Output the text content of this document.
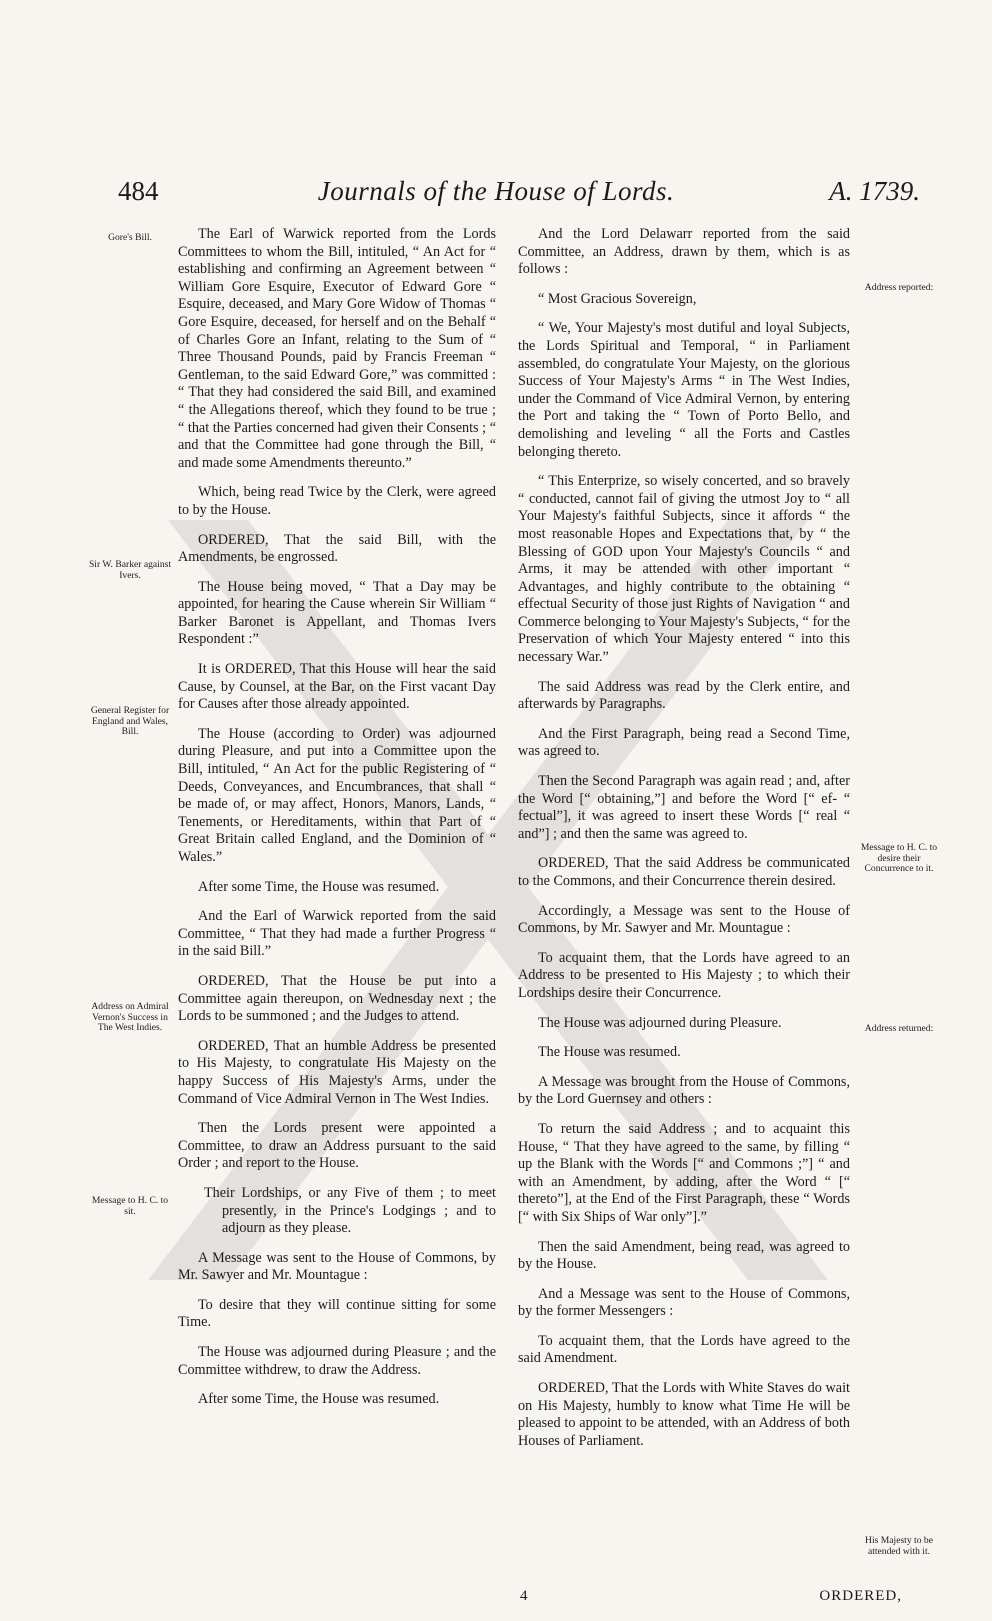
484	Journals of the House of Lords.	A. 1739.
Gore's Bill.
Sir W. Barker against Ivers.
General Register for England and Wales, Bill.
Address on Admiral Vernon's Success in The West Indies.
Message to H. C. to sit.
Address reported:
Message to H. C. to desire their Concurrence to it.
Address returned:
His Majesty to be attended with it.

The Earl of Warwick reported from the Lords Committees to whom the Bill, intituled, “ An Act for “ establishing and confirming an Agreement between “ William Gore Esquire, Executor of Edward Gore “ Esquire, deceased, and Mary Gore Widow of Thomas “ Gore Esquire, deceased, for herself and on the Behalf “ of Charles Gore an Infant, relating to the Sum of “ Three Thousand Pounds, paid by Francis Freeman “ Gentleman, to the said Edward Gore,” was committed : “ That they had considered the said Bill, and examined “ the Allegations thereof, which they found to be true ; “ that the Parties concerned had given their Consents ; “ and that the Committee had gone through the Bill, “ and made some Amendments thereunto.”

Which, being read Twice by the Clerk, were agreed to by the House.

ORDERED, That the said Bill, with the Amendments, be engrossed.

The House being moved, “ That a Day may be appointed, for hearing the Cause wherein Sir William “ Barker Baronet is Appellant, and Thomas Ivers Respondent :”

It is ORDERED, That this House will hear the said Cause, by Counsel, at the Bar, on the First vacant Day for Causes after those already appointed.

The House (according to Order) was adjourned during Pleasure, and put into a Committee upon the Bill, intituled, “ An Act for the public Registering of “ Deeds, Conveyances, and Encumbrances, that shall “ be made of, or may affect, Honors, Manors, Lands, “ Tenements, or Hereditaments, within that Part of “ Great Britain called England, and the Dominion of “ Wales.”

After some Time, the House was resumed.

And the Earl of Warwick reported from the said Committee, “ That they had made a further Progress “ in the said Bill.”

ORDERED, That the House be put into a Committee again thereupon, on Wednesday next ; the Lords to be summoned ; and the Judges to attend.

ORDERED, That an humble Address be presented to His Majesty, to congratulate His Majesty on the happy Success of His Majesty's Arms, under the Command of Vice Admiral Vernon in The West Indies.

Then the Lords present were appointed a Committee, to draw an Address pursuant to the said Order ; and report to the House.

Their Lordships, or any Five of them ; to meet presently, in the Prince's Lodgings ; and to adjourn as they please.

A Message was sent to the House of Commons, by Mr. Sawyer and Mr. Mountague :

To desire that they will continue sitting for some Time.

The House was adjourned during Pleasure ; and the Committee withdrew, to draw the Address.

After some Time, the House was resumed.

And the Lord Delawarr reported from the said Committee, an Address, drawn by them, which is as follows :

“ Most Gracious Sovereign,

“ We, Your Majesty's most dutiful and loyal Subjects, the Lords Spiritual and Temporal, “ in Parliament assembled, do congratulate Your Majesty, on the glorious Success of Your Majesty's Arms “ in The West Indies, under the Command of Vice Admiral Vernon, by entering the Port and taking the “ Town of Porto Bello, and demolishing and leveling “ all the Forts and Castles belonging thereto.

“ This Enterprize, so wisely concerted, and so bravely “ conducted, cannot fail of giving the utmost Joy to “ all Your Majesty's faithful Subjects, since it affords “ the most reasonable Hopes and Expectations that, by “ the Blessing of GOD upon Your Majesty's Councils “ and Arms, it may be attended with other important “ Advantages, and highly contribute to the obtaining “ effectual Security of those just Rights of Navigation “ and Commerce belonging to Your Majesty's Subjects, “ for the Preservation of which Your Majesty entered “ into this necessary War.”

The said Address was read by the Clerk entire, and afterwards by Paragraphs.

And the First Paragraph, being read a Second Time, was agreed to.

Then the Second Paragraph was again read ; and, after the Word [“ obtaining,”] and before the Word [“ ef- “ fectual”], it was agreed to insert these Words [“ real “ and”] ; and then the same was agreed to.

ORDERED, That the said Address be communicated to the Commons, and their Concurrence therein desired.

Accordingly, a Message was sent to the House of Commons, by Mr. Sawyer and Mr. Mountague :

To acquaint them, that the Lords have agreed to an Address to be presented to His Majesty ; to which their Lordships desire their Concurrence.

The House was adjourned during Pleasure.

The House was resumed.

A Message was brought from the House of Commons, by the Lord Guernsey and others :

To return the said Address ; and to acquaint this House, “ That they have agreed to the same, by filling “ up the Blank with the Words [“ and Commons ;”] “ and with an Amendment, by adding, after the Word “ [“ thereto”], at the End of the First Paragraph, these “ Words [“ with Six Ships of War only”].”

Then the said Amendment, being read, was agreed to by the House.

And a Message was sent to the House of Commons, by the former Messengers :

To acquaint them, that the Lords have agreed to the said Amendment.

ORDERED, That the Lords with White Staves do wait on His Majesty, humbly to know what Time He will be pleased to appoint to be attended, with an Address of both Houses of Parliament.

4	ORDERED,
